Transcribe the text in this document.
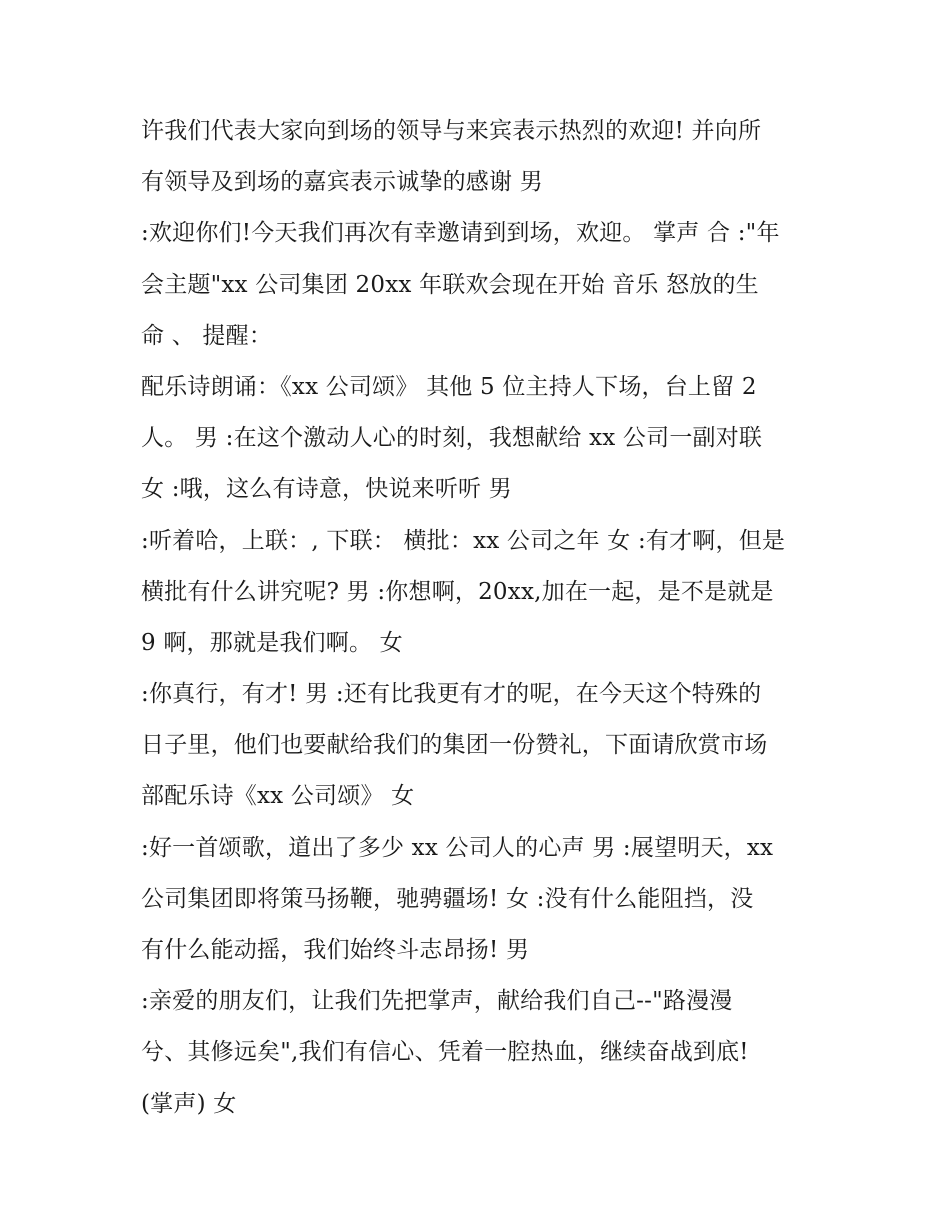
许我们代表大家向到场的领导与来宾表示热烈的欢迎! 并向所
有领导及到场的嘉宾表示诚挚的感谢 男
:欢迎你们!今天我们再次有幸邀请到到场，欢迎。 掌声 合 :"年
会主题"xx 公司集团 20xx 年联欢会现在开始 音乐 怒放的生
命 、 提醒：
配乐诗朗诵：《xx 公司颂》 其他 5 位主持人下场，台上留 2
人。 男 :在这个激动人心的时刻，我想献给 xx 公司一副对联
女 :哦，这么有诗意，快说来听听 男
:听着哈，上联：, 下联： 横批：xx 公司之年 女 :有才啊，但是
横批有什么讲究呢? 男 :你想啊，20xx,加在一起，是不是就是
9 啊，那就是我们啊。 女
:你真行，有才! 男 :还有比我更有才的呢，在今天这个特殊的
日子里，他们也要献给我们的集团一份赞礼，下面请欣赏市场
部配乐诗《xx 公司颂》 女
:好一首颂歌，道出了多少 xx 公司人的心声 男 :展望明天，xx
公司集团即将策马扬鞭，驰骋疆场! 女 :没有什么能阻挡，没
有什么能动摇，我们始终斗志昂扬! 男
:亲爱的朋友们，让我们先把掌声，献给我们自己--"路漫漫
兮、其修远矣",我们有信心、凭着一腔热血，继续奋战到底!
(掌声) 女
